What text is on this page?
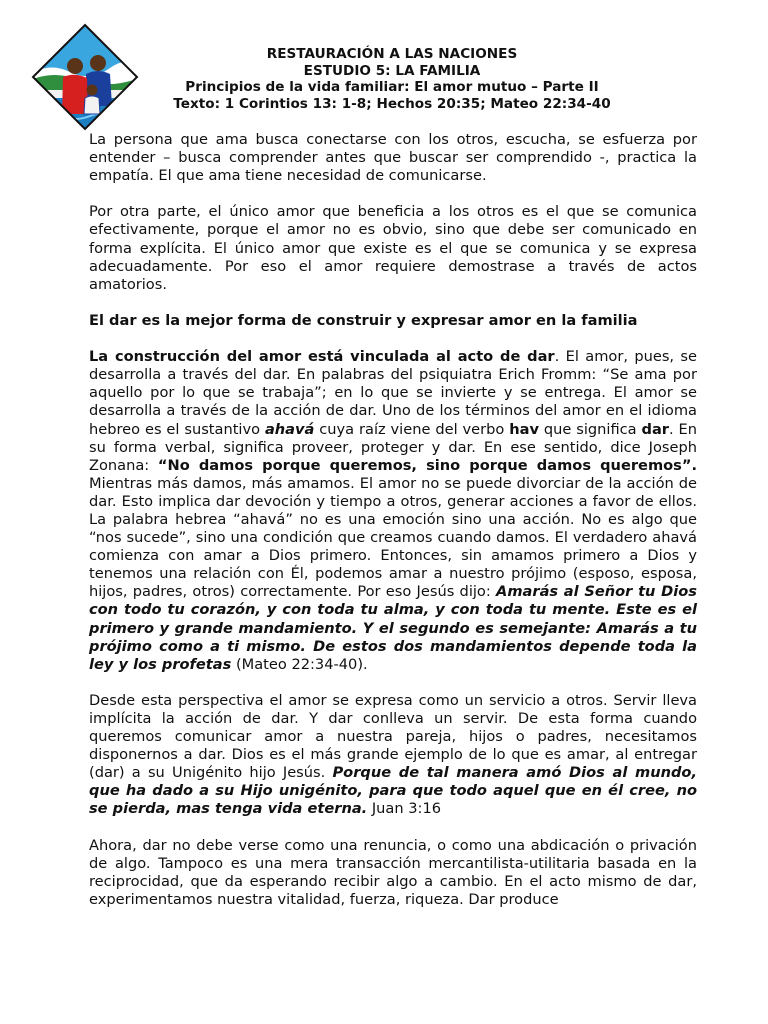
RESTAURACIÓN A LAS NACIONES
ESTUDIO 5: LA FAMILIA
Principios de la vida familiar: El amor mutuo – Parte II
Texto: 1 Corintios 13: 1-8; Hechos 20:35; Mateo 22:34-40

La persona que ama busca conectarse con los otros, escucha, se esfuerza por entender – busca comprender antes que buscar ser comprendido -, practica la empatía. El que ama tiene necesidad de comunicarse.

Por otra parte, el único amor que beneficia a los otros es el que se comunica efectivamente, porque el amor no es obvio, sino que debe ser comunicado en forma explícita. El único amor que existe es el que se comunica y se expresa adecuadamente. Por eso el amor requiere demostrase a través de actos amatorios.

El dar es la mejor forma de construir y expresar amor en la familia

La construcción del amor está vinculada al acto de dar. El amor, pues, se desarrolla a través del dar. En palabras del psiquiatra Erich Fromm: “Se ama por aquello por lo que se trabaja”; en lo que se invierte y se entrega. El amor se desarrolla a través de la acción de dar. Uno de los términos del amor en el idioma hebreo es el sustantivo ahavá cuya raíz viene del verbo hav que significa dar. En su forma verbal, significa proveer, proteger y dar. En ese sentido, dice Joseph Zonana: “No damos porque queremos, sino porque damos queremos”. Mientras más damos, más amamos. El amor no se puede divorciar de la acción de dar. Esto implica dar devoción y tiempo a otros, generar acciones a favor de ellos. La palabra hebrea “ahavá” no es una emoción sino una acción. No es algo que “nos sucede”, sino una condición que creamos cuando damos. El verdadero ahavá comienza con amar a Dios primero. Entonces, sin amamos primero a Dios y tenemos una relación con Él, podemos amar a nuestro prójimo (esposo, esposa, hijos, padres, otros) correctamente. Por eso Jesús dijo: Amarás al Señor tu Dios con todo tu corazón, y con toda tu alma, y con toda tu mente. Este es el primero y grande mandamiento. Y el segundo es semejante: Amarás a tu prójimo como a ti mismo. De estos dos mandamientos depende toda la ley y los profetas (Mateo 22:34-40).

Desde esta perspectiva el amor se expresa como un servicio a otros. Servir lleva implícita la acción de dar. Y dar conlleva un servir. De esta forma cuando queremos comunicar amor a nuestra pareja, hijos o padres, necesitamos disponernos a dar. Dios es el más grande ejemplo de lo que es amar, al entregar (dar) a su Unigénito hijo Jesús. Porque de tal manera amó Dios al mundo, que ha dado a su Hijo unigénito, para que todo aquel que en él cree, no se pierda, mas tenga vida eterna. Juan 3:16

Ahora, dar no debe verse como una renuncia, o como una abdicación o privación de algo. Tampoco es una mera transacción mercantilista-utilitaria basada en la reciprocidad, que da esperando recibir algo a cambio. En el acto mismo de dar, experimentamos nuestra vitalidad, fuerza, riqueza. Dar produce
